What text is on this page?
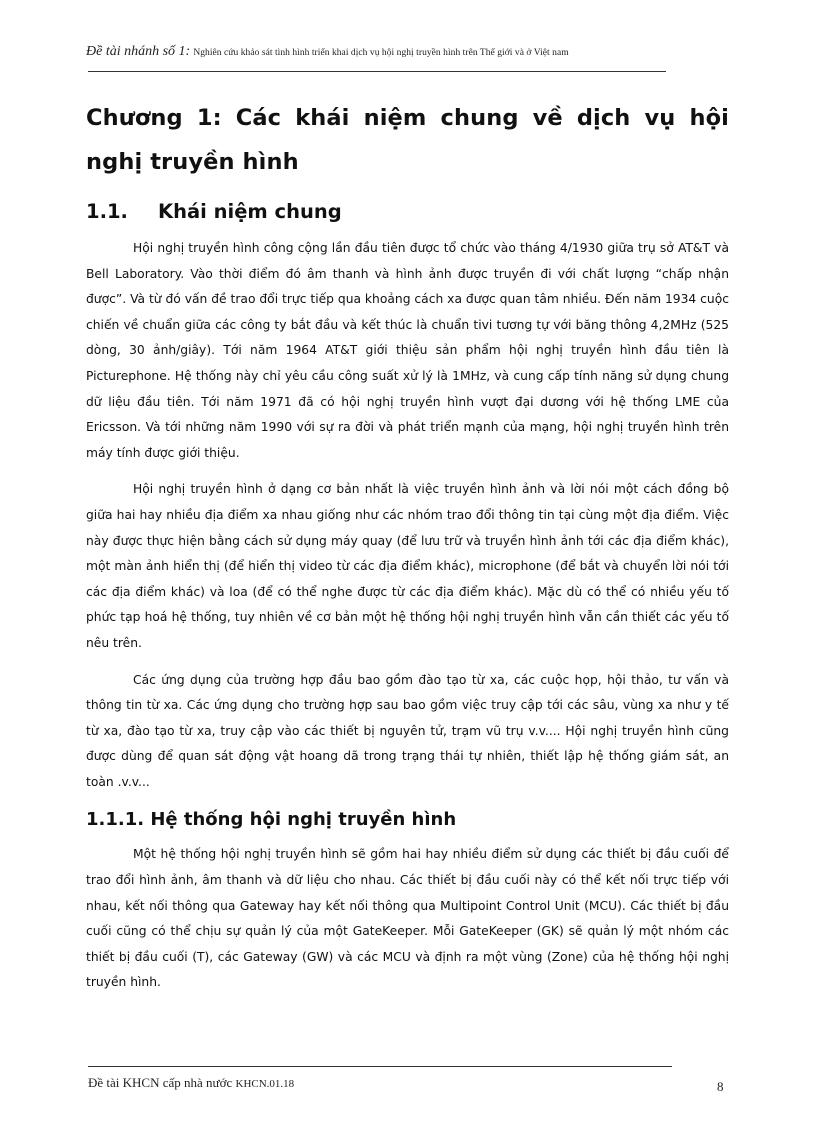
Đề tài nhánh số 1: Nghiên cứu khảo sát tình hình triển khai dịch vụ hội nghị truyền hình trên Thế giới và ở Việt nam
Chương 1: Các khái niệm chung về dịch vụ hội nghị truyền hình
1.1. Khái niệm chung

Hội nghị truyền hình công cộng lần đầu tiên được tổ chức vào tháng 4/1930 giữa trụ sở AT&T và Bell Laboratory. Vào thời điểm đó âm thanh và hình ảnh được truyền đi với chất lượng “chấp nhận được”. Và từ đó vấn đề trao đổi trực tiếp qua khoảng cách xa được quan tâm nhiều. Đến năm 1934 cuộc chiến về chuẩn giữa các công ty bắt đầu và kết thúc là chuẩn tivi tương tự với băng thông 4,2MHz (525 dòng, 30 ảnh/giây). Tới năm 1964 AT&T giới thiệu sản phẩm hội nghị truyền hình đầu tiên là Picturephone. Hệ thống này chỉ yêu cầu công suất xử lý là 1MHz, và cung cấp tính năng sử dụng chung dữ liệu đầu tiên. Tới năm 1971 đã có hội nghị truyền hình vượt đại dương với hệ thống LME của Ericsson. Và tới những năm 1990 với sự ra đời và phát triển mạnh của mạng, hội nghị truyền hình trên máy tính được giới thiệu.

Hội nghị truyền hình ở dạng cơ bản nhất là việc truyền hình ảnh và lời nói một cách đồng bộ giữa hai hay nhiều địa điểm xa nhau giống như các nhóm trao đổi thông tin tại cùng một địa điểm. Việc này được thực hiện bằng cách sử dụng máy quay (để lưu trữ và truyền hình ảnh tới các địa điểm khác), một màn ảnh hiển thị (để hiển thị video từ các địa điểm khác), microphone (để bắt và chuyển lời nói tới các địa điểm khác) và loa (để có thể nghe được từ các địa điểm khác). Mặc dù có thể có nhiều yếu tố phức tạp hoá hệ thống, tuy nhiên về cơ bản một hệ thống hội nghị truyền hình vẫn cần thiết các yếu tố nêu trên.

Các ứng dụng của trường hợp đầu bao gồm đào tạo từ xa, các cuộc họp, hội thảo, tư vấn và thông tin từ xa. Các ứng dụng cho trường hợp sau bao gồm việc truy cập tới các sâu, vùng xa như y tế từ xa, đào tạo từ xa, truy cập vào các thiết bị nguyên tử, trạm vũ trụ v.v.... Hội nghị truyền hình cũng được dùng để quan sát động vật hoang dã trong trạng thái tự nhiên, thiết lập hệ thống giám sát, an toàn .v.v...

1.1.1. Hệ thống hội nghị truyền hình

Một hệ thống hội nghị truyền hình sẽ gồm hai hay nhiều điểm sử dụng các thiết bị đầu cuối để trao đổi hình ảnh, âm thanh và dữ liệu cho nhau. Các thiết bị đầu cuối này có thể kết nối trực tiếp với nhau, kết nối thông qua Gateway hay kết nối thông qua Multipoint Control Unit (MCU). Các thiết bị đầu cuối cũng có thể chịu sự quản lý của một GateKeeper. Mỗi GateKeeper (GK) sẽ quản lý một nhóm các thiết bị đầu cuối (T), các Gateway (GW) và các MCU và định ra một vùng (Zone) của hệ thống hội nghị truyền hình.

Đề tài KHCN cấp nhà nước KHCN.01.18	8
